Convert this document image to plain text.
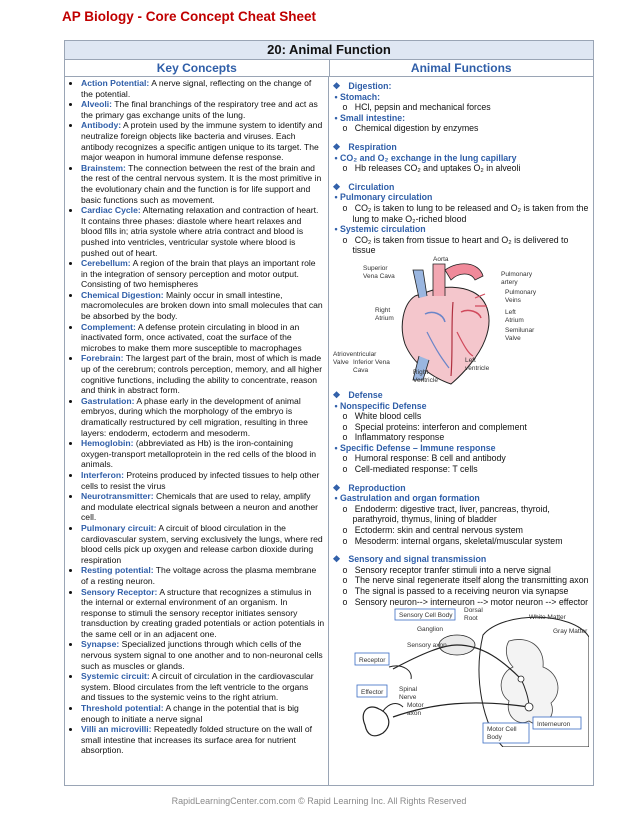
AP Biology - Core Concept Cheat Sheet
20: Animal Function
Key Concepts	Animal Functions
• Action Potential: A nerve signal, reflecting on the change of the potential.
• Alveoli: The final branchings of the respiratory tree and act as the primary gas exchange units of the lung.
• Antibody: A protein used by the immune system to identify and neutralize foreign objects like bacteria and viruses. Each antibody recognizes a specific antigen unique to its target. The major weapon in humoral immune defense response.
• Brainstem: The connection between the rest of the brain and the rest of the central nervous system. It is the most primitive in the evolutionary chain and the function is for life support and basic functions such as movement.
• Cardiac Cycle: Alternating relaxation and contraction of heart. It contains three phases: diastole where heart relaxes and blood fills in; atria systole where atria contract and blood is pushed into ventricles, ventricular systole where blood is pushed out of heart.
• Cerebellum: A region of the brain that plays an important role in the integration of sensory perception and motor output. Consisting of two hemispheres
• Chemical Digestion: Mainly occur in small intestine, macromolecules are broken down into small molecules that can be absorbed by the body.
• Complement: A defense protein circulating in blood in an inactivated form, once activated, coat the surface of the microbes to make them more susceptible to macrophages
• Forebrain: The largest part of the brain, most of which is made up of the cerebrum; controls perception, memory, and all higher cognitive functions, including the ability to concentrate, reason and think in abstract form.
• Gastrulation: A phase early in the development of animal embryos, during which the morphology of the embryo is dramatically restructured by cell migration, resulting in three layers: endoderm, ectoderm and mesoderm.
• Hemoglobin: (abbreviated as Hb) is the iron-containing oxygen-transport metalloprotein in the red cells of the blood in animals.
• Interferon: Proteins produced by infected tissues to help other cells to resist the virus
• Neurotransmitter: Chemicals that are used to relay, amplify and modulate electrical signals between a neuron and another cell.
• Pulmonary circuit: A circuit of blood circulation in the cardiovascular system, serving exclusively the lungs, where red blood cells pick up oxygen and release carbon dioxide during respiration
• Resting potential: The voltage across the plasma membrane of a resting neuron.
• Sensory Receptor: A structure that recognizes a stimulus in the internal or external environment of an organism. In response to stimuli the sensory receptor initiates sensory transduction by creating graded potentials or action potentials in the same cell or in an adjacent one.
• Synapse: Specialized junctions through which cells of the nervous system signal to one another and to non-neuronal cells such as muscles or glands.
• Systemic circuit: A circuit of circulation in the cardiovascular system. Blood circulates from the left ventricle to the organs and tissues to the systemic veins to the right atrium.
• Threshold potential: A change in the potential that is big enough to initiate a nerve signal
• Villi an microvilli: Repeatedly folded structure on the wall of small intestine that increases its surface area for nutrient absorption.
❖ Digestion:
• Stomach:
o   HCl, pepsin and mechanical forces
• Small intestine:
o   Chemical digestion by enzymes
❖ Respiration
• CO₂ and O₂ exchange in the lung capillary
o   Hb releases CO₂ and uptakes O₂ in alveoli
❖ Circulation
• Pulmonary circulation
o   CO₂ is taken to lung to be released and O₂ is taken from the lung to make O₂-riched blood
• Systemic circulation
o   CO₂ is taken from tissue to heart and O₂ is delivered to tissue
Aorta
Superior Vena Cava	Pulmonary artery
Pulmonary Veins
Right Atrium
Left Atrium
Semilunar Valve
Atrioventricular Valve Inferior Vena Cava	Right Ventricle
Left ventricle
❖ Defense
• Nonspecific Defense
o   White blood cells
o   Special proteins: interferon and complement
o   Inflammatory response
• Specific Defense – Immune response
o   Humoral response: B cell and antibody
o   Cell-mediated response: T cells
❖ Reproduction
• Gastrulation and organ formation
o   Endoderm: digestive tract, liver, pancreas, thyroid, parathyroid, thymus, lining of bladder
o   Ectoderm: skin and central nervous system
o   Mesoderm: internal organs, skeletal/muscular system
❖ Sensory and signal transmission
o   Sensory receptor tranfer stimuli into a nerve signal
o   The nerve sinal regenerate itself along the transmitting axon
o   The signal is passed to a receiving neuron via synapse
o   Sensory neuron--> interneuron --> motor neuron --> effector
Sensory Cell Body
Dorsal Root	White Matter
Gray Matter
Ganglion
Sensory axon
Receptor
Effector Spinal Nerve
Motor axon
Interneuron
Motor Cell Body
RapidLearningCenter.com.com © Rapid Learning Inc. All Rights Reserved
